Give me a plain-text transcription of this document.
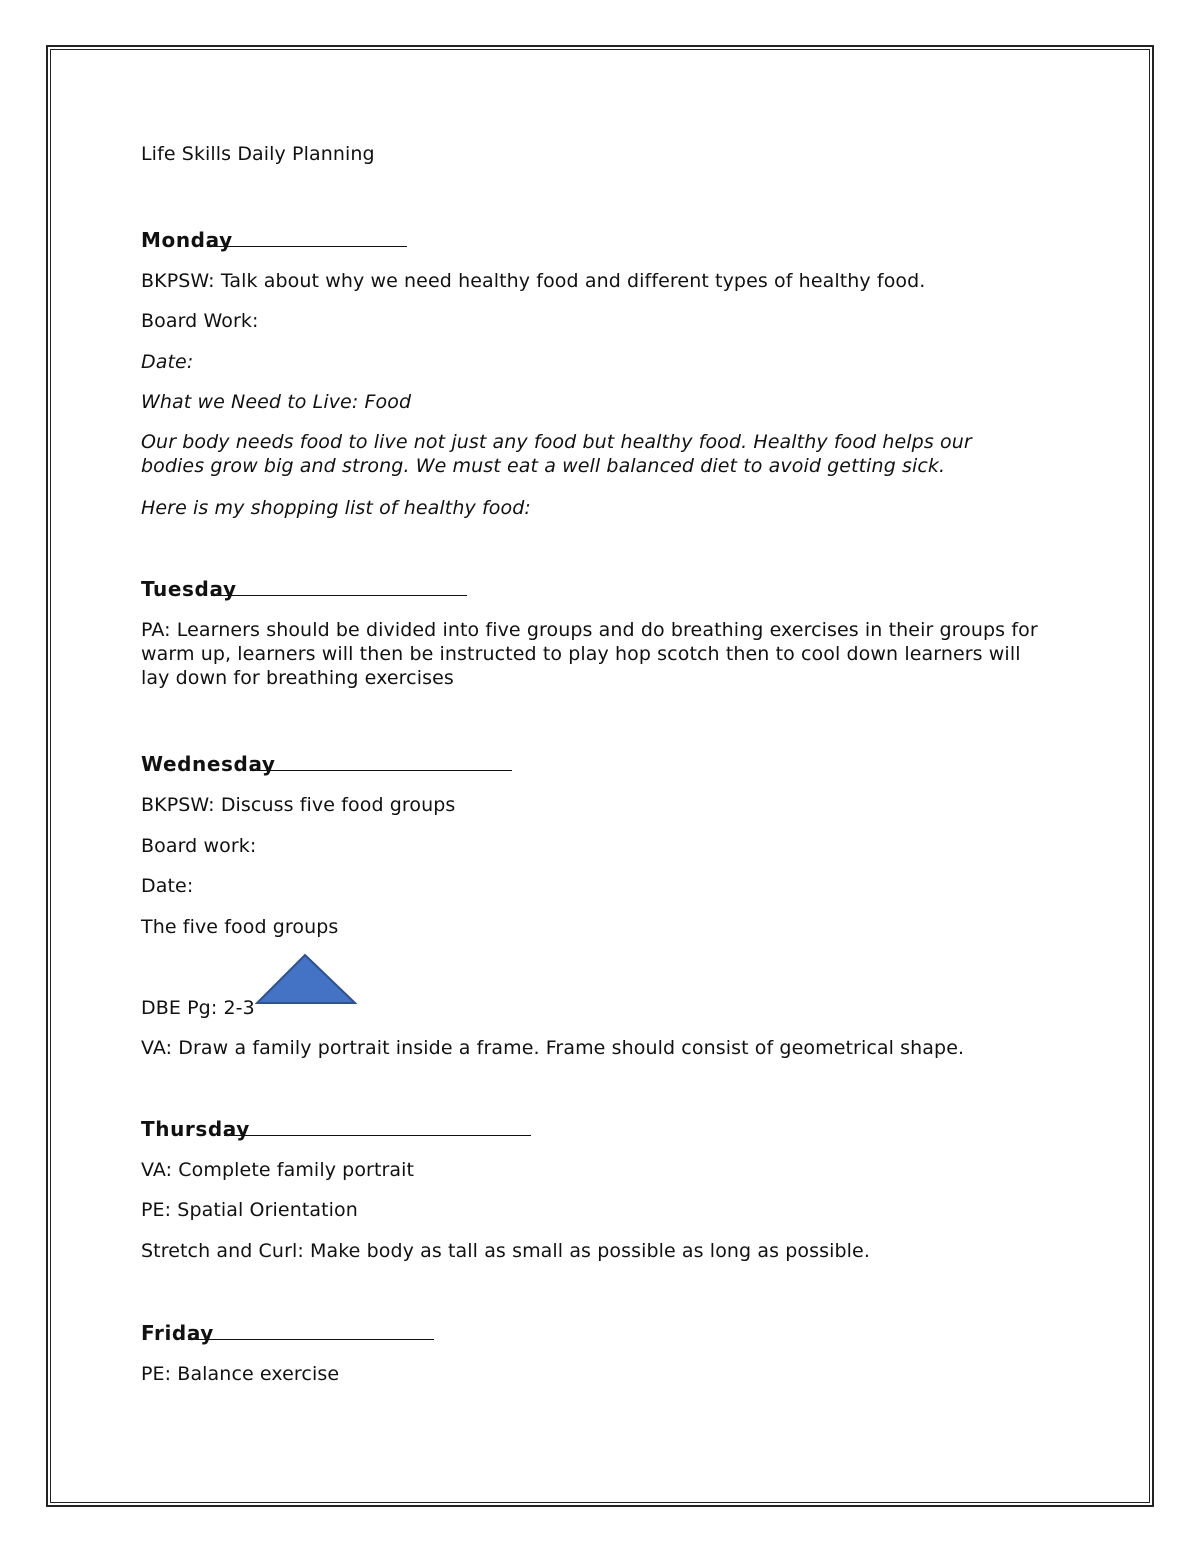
Life Skills Daily Planning
Monday
BKPSW: Talk about why we need healthy food and different types of healthy food.
Board Work:
Date:
What we Need to Live: Food
Our body needs food to live not just any food but healthy food. Healthy food helps our bodies grow big and strong. We must eat a well balanced diet to avoid getting sick.
Here is my shopping list of healthy food:
Tuesday
PA: Learners should be divided into five groups and do breathing exercises in their groups for warm up, learners will then be instructed to play hop scotch then to cool down learners will lay down for breathing exercises
Wednesday
BKPSW: Discuss five food groups
Board work:
Date:
The five food groups
DBE Pg: 2-3
VA: Draw a family portrait inside a frame. Frame should consist of geometrical shape.
Thursday
VA: Complete family portrait
PE: Spatial Orientation
Stretch and Curl: Make body as tall as small as possible as long as possible.
Friday
PE: Balance exercise
